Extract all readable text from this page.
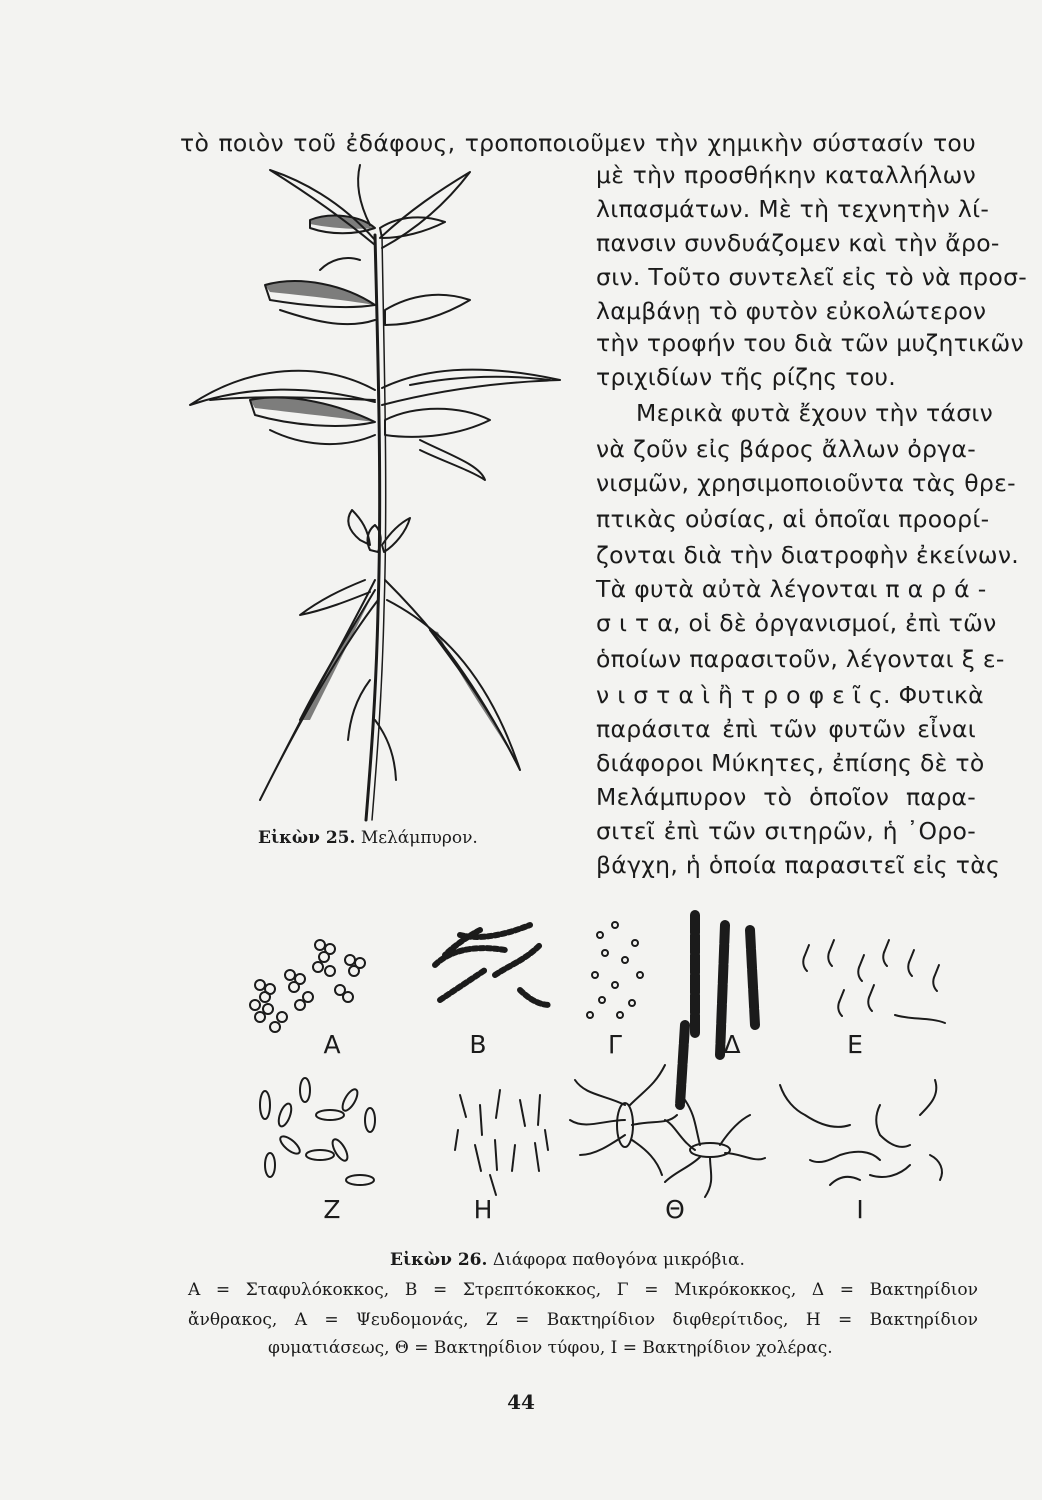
τὸ ποιὸν τοῦ ἐδάφους, τροποποιοῦμεν τὴν χημικὴν σύστασίν του
μὲ τὴν προσθήκην καταλλήλων
λιπασμάτων. Μὲ τὴ τεχνητὴν λί-
πανσιν συνδυάζομεν καὶ τὴν ἄρο-
σιν. Τοῦτο συντελεῖ εἰς τὸ νὰ προσ-
λαμβάνῃ τὸ φυτὸν εὐκολώτερον
τὴν τροφήν του διὰ τῶν μυζητικῶν
τριχιδίων τῆς ρίζης του.
Μερικὰ φυτὰ ἔχουν τὴν τάσιν
νὰ ζοῦν εἰς βάρος ἄλλων ὀργα-
νισμῶν, χρησιμοποιοῦντα τὰς θρε-
πτικὰς οὐσίας, αἱ ὁποῖαι προορί-
ζονται διὰ τὴν διατροφὴν ἐκείνων.
Τὰ φυτὰ αὐτὰ λέγονται π α ρ ά -
σ ι τ α, οἱ δὲ ὀργανισμοί, ἐπὶ τῶν
ὁποίων παρασιτοῦν, λέγονται ξ ε-
ν ι σ τ α ὶ ἢ τ ρ ο φ ε ῖ ς. Φυτικὰ
παράσιτα ἐπὶ τῶν φυτῶν εἶναι
διάφοροι Μύκητες, ἐπίσης δὲ τὸ
Μελάμπυρον τὸ ὁποῖον παρα-
σιτεῖ ἐπὶ τῶν σιτηρῶν, ἡ ᾿Ορο-
βάγχη, ἡ ὁποία παρασιτεῖ εἰς τὰς
Εἰκὼν 25. Μελάμπυρον.
Α	Β	Γ	Δ	Ε
Ζ	Η	Θ	Ι
Εἰκὼν 26. Διάφορα παθογόνα μικρόβια.
Α = Σταφυλόκοκκος, Β = Στρεπτόκοκκος, Γ = Μικρόκοκκος, Δ = Βακτηρίδιον
ἄνθρακος, Α = Ψευδομονάς, Ζ = Βακτηρίδιον διφθερίτιδος, Η = Βακτηρίδιον
φυματιάσεως, Θ = Βακτηρίδιον τύφου, Ι = Βακτηρίδιον χολέρας.
44
